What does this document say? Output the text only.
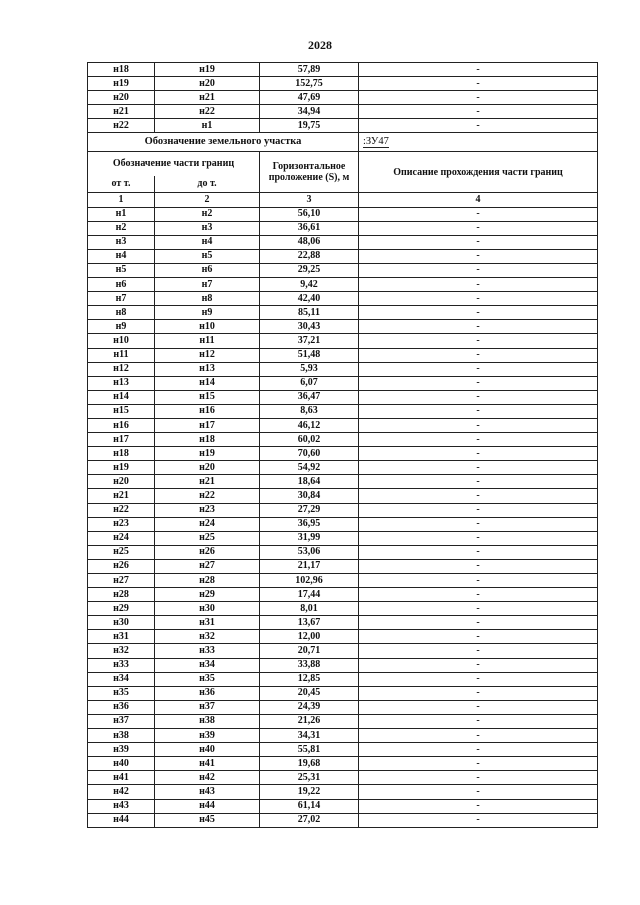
2028
н18	н19	57,89	-
н19	н20	152,75	-
н20	н21	47,69	-
н21	н22	34,94	-
н22	н1	19,75	-
Обозначение земельного участка			:ЗУ47
Обозначение части границ		Горизонтальное проложение (S), м	Описание прохождения части границ
от т.	до т.		
1	2	3	4
н1	н2	56,10	-
н2	н3	36,61	-
н3	н4	48,06	-
н4	н5	22,88	-
н5	н6	29,25	-
н6	н7	9,42	-
н7	н8	42,40	-
н8	н9	85,11	-
н9	н10	30,43	-
н10	н11	37,21	-
н11	н12	51,48	-
н12	н13	5,93	-
н13	н14	6,07	-
н14	н15	36,47	-
н15	н16	8,63	-
н16	н17	46,12	-
н17	н18	60,02	-
н18	н19	70,60	-
н19	н20	54,92	-
н20	н21	18,64	-
н21	н22	30,84	-
н22	н23	27,29	-
н23	н24	36,95	-
н24	н25	31,99	-
н25	н26	53,06	-
н26	н27	21,17	-
н27	н28	102,96	-
н28	н29	17,44	-
н29	н30	8,01	-
н30	н31	13,67	-
н31	н32	12,00	-
н32	н33	20,71	-
н33	н34	33,88	-
н34	н35	12,85	-
н35	н36	20,45	-
н36	н37	24,39	-
н37	н38	21,26	-
н38	н39	34,31	-
н39	н40	55,81	-
н40	н41	19,68	-
н41	н42	25,31	-
н42	н43	19,22	-
н43	н44	61,14	-
н44	н45	27,02	-
